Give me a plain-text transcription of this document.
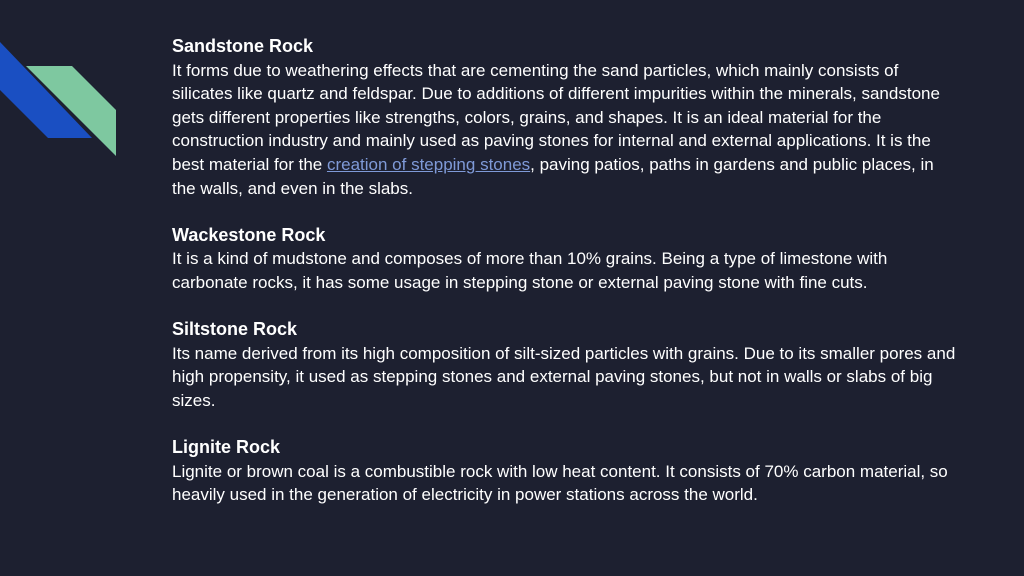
Sandstone Rock

It forms due to weathering effects that are cementing the sand particles, which mainly consists of silicates like quartz and feldspar. Due to additions of different impurities within the minerals, sandstone gets different properties like strengths, colors, grains, and shapes. It is an ideal material for the construction industry and mainly used as paving stones for internal and external applications. It is the best material for the creation of stepping stones, paving patios, paths in gardens and public places, in the walls, and even in the slabs.

Wackestone Rock

It is a kind of mudstone and composes of more than 10% grains. Being a type of limestone with carbonate rocks, it has some usage in stepping stone or external paving stone with fine cuts.

Siltstone Rock

Its name derived from its high composition of silt-sized particles with grains. Due to its smaller pores and high propensity, it used as stepping stones and external paving stones, but not in walls or slabs of big sizes.

Lignite Rock

Lignite or brown coal is a combustible rock with low heat content. It consists of 70% carbon material, so heavily used in the generation of electricity in power stations across the world.
